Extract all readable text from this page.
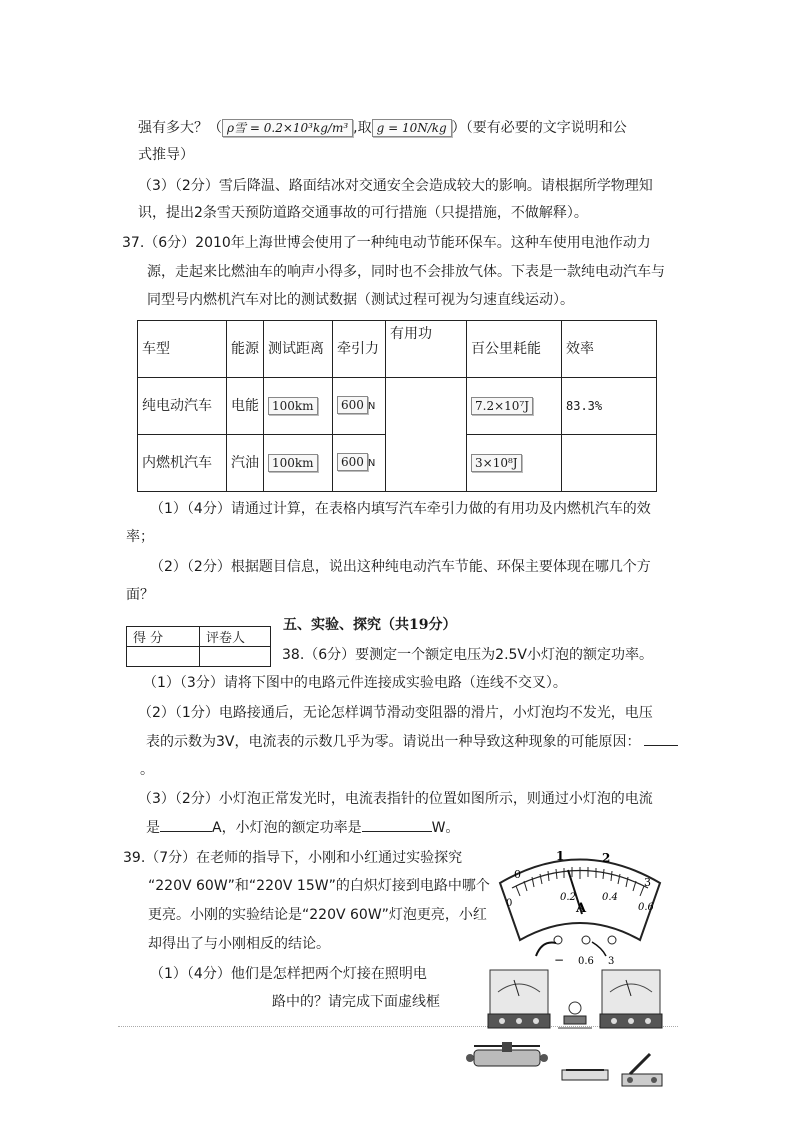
强有多大？（ ρ雪 = 0.2×10³kg/m³ ,取 g = 10N/kg ）（要有必要的文字说明和公
式推导）
（3）（2分）雪后降温、路面结冰对交通安全会造成较大的影响。请根据所学物理知
识，提出2条雪天预防道路交通事故的可行措施（只提措施，不做解释）。
37.（6分）2010年上海世博会使用了一种纯电动节能环保车。这种车使用电池作动力
源，走起来比燃油车的响声小得多，同时也不会排放气体。下表是一款纯电动汽车与
同型号内燃机汽车对比的测试数据（测试过程可视为匀速直线运动）。
车型	能源	测试距离	牵引力	有用功	百公里耗能	效率
纯电动汽车	电能	100km	600 N		7.2×10⁷J	83.3%
内燃机汽车	汽油	100km	600 N		3×10⁸J	
（1）（4分）请通过计算，在表格内填写汽车牵引力做的有用功及内燃机汽车的效
率；
（2）（2分）根据题目信息，说出这种纯电动汽车节能、环保主要体现在哪几个方
面？
得 分	评卷人

五、实验、探究（共19分）
38.（6分）要测定一个额定电压为2.5V小灯泡的额定功率。
（1）（3分）请将下图中的电路元件连接成实验电路（连线不交叉）。
（2）（1分）电路接通后，无论怎样调节滑动变阻器的滑片，小灯泡均不发光，电压
表的示数为3V，电流表的示数几乎为零。请说出一种导致这种现象的可能原因：
。
（3）（2分）小灯泡正常发光时，电流表指针的位置如图所示，则通过小灯泡的电流
是	A，小灯泡的额定功率是	W。
39.（7分）在老师的指导下，小刚和小红通过实验探究
“220V 60W”和“220V 15W”的白炽灯接到电路中哪个
更亮。小刚的实验结论是“220V 60W”灯泡更亮，小红
却得出了与小刚相反的结论。
（1）（4分）他们是怎样把两个灯接在照明电
路中的？请完成下面虚线框
0
0.2	0.4
0.6
0
1	2
3
A
− 0.6 3
